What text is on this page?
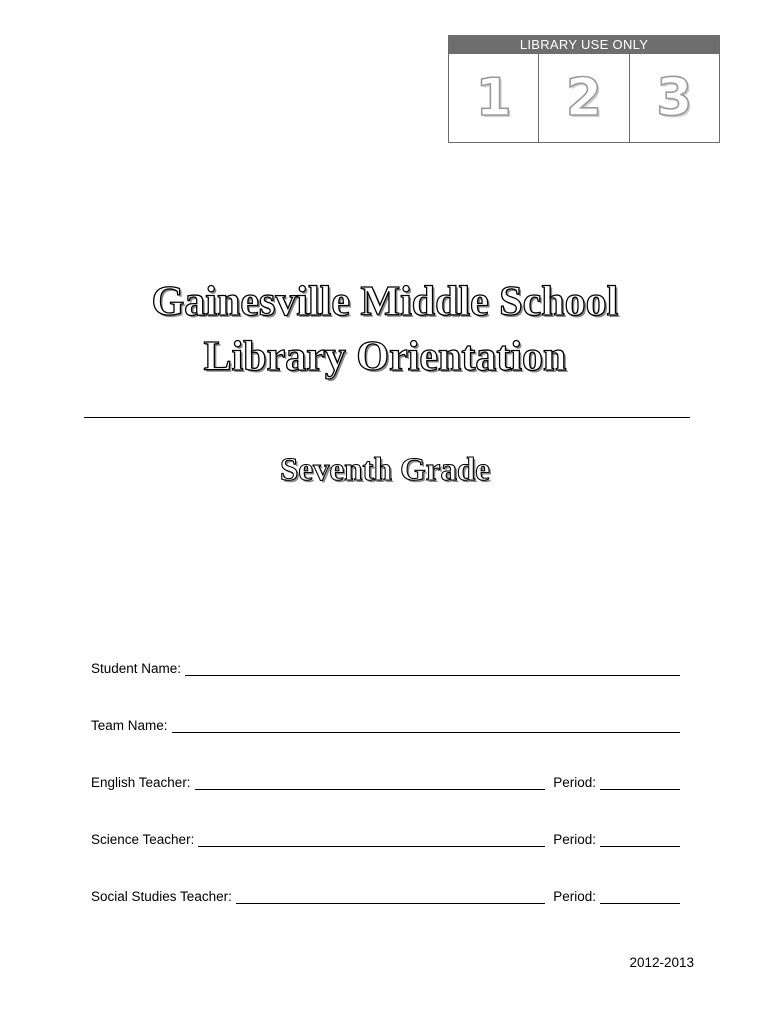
LIBRARY USE ONLY
1 2 3
Gainesville Middle School
Library Orientation
Seventh Grade
Student Name:
Team Name:
English Teacher:	Period:
Science Teacher:	Period:
Social Studies Teacher:	Period:
2012-2013
